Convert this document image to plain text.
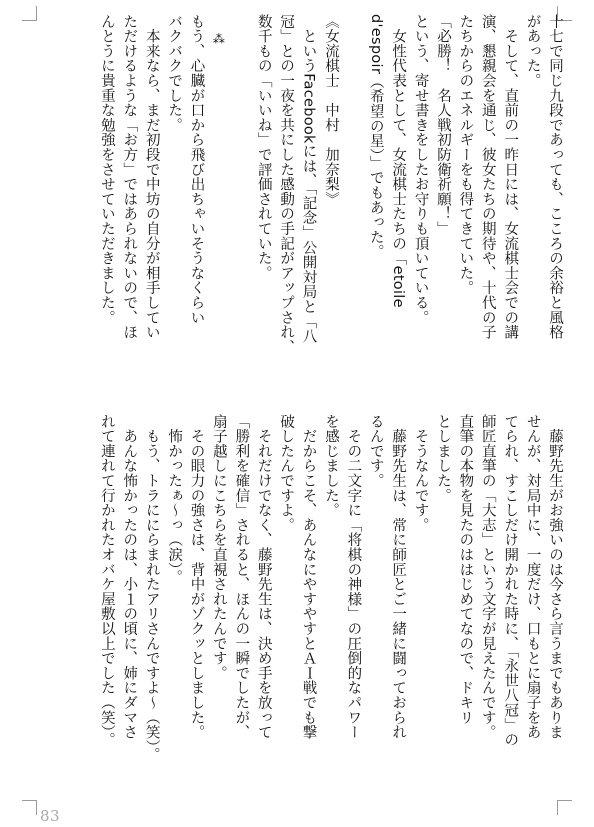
十七で同じ九段であっても、こころの余裕と風格
があった。
　そして、直前の一昨日には、女流棋士会での講
演、懇親会を通じ、彼女たちの期待や、十代の子
たちからのエネルギーをも得てきていた。
「必勝！　名人戦初防衛祈願！」
という、寄せ書きをしたお守りも頂いている。
　女性代表として、女流棋士たちの「etoile
d'espoir（希望の星）」でもあった。
《女流棋士　中村　加奈梨》
　というFacebookには、「記念」公開対局と「八
冠」との一夜を共にした感動の手記がアップされ、
数千もの「いいね」で評価されていた。
⁂
もう、心臓が口から飛び出ちゃいそうなくらい
バクバクでした。
　本来なら、まだ初段で中坊の自分が相手してい
ただけるような「お方」ではあられないので、ほ
んとうに貴重な勉強をさせていただきました。
　藤野先生がお強いのは今さら言うまでもありま
せんが、対局中に、一度だけ、口もとに扇子をあ
てられ、すこしだけ開かれた時に、「永世八冠」の
師匠直筆の「大志」という文字が見えたんです。
直筆の本物を見たのははじめてなので、ドキリ
としました。
　そうなんです。
　藤野先生は、常に師匠とご一緒に闘っておられ
るんです。
　その二文字に「将棋の神様」の圧倒的なパワー
を感じました。
　だからこそ、あんなにやすやすとＡＩ戦でも撃
破したんですよ。
　それだけでなく、藤野先生は、決め手を放って
「勝利を確信」されると、ほんの一瞬でしたが、
扇子越しにこちらを直視されたんです。
　その眼力の強さは、背中がゾクッとしました。
　怖かったぁ～っ（涙）。
　もう、トラににらまれたアリさんですよ～（笑）。
　あんな怖かったのは、小１の頃に、姉にダマさ
れて連れて行かれたオバケ屋敷以上でした（笑）。
83
